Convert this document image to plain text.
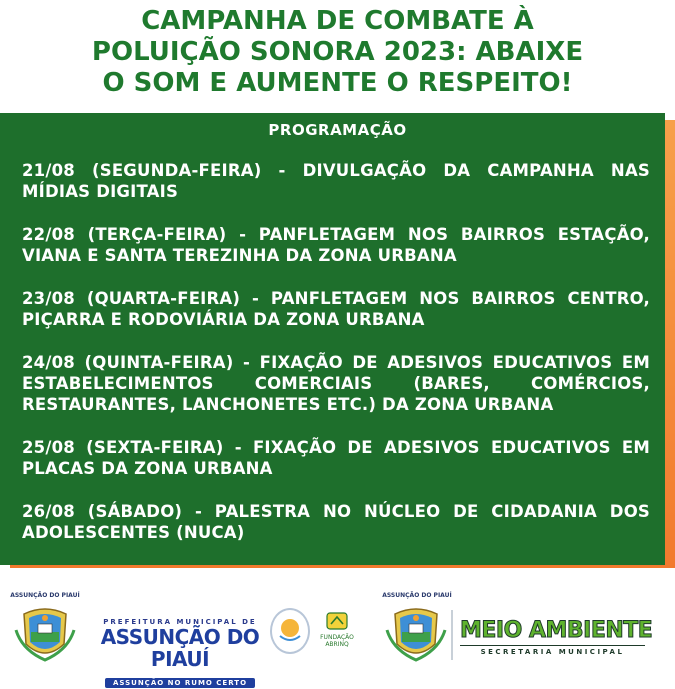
CAMPANHA DE COMBATE À
POLUIÇÃO SONORA 2023: ABAIXE
O SOM E AUMENTE O RESPEITO!
PROGRAMAÇÃO
21/08 (SEGUNDA-FEIRA) - DIVULGAÇÃO DA CAMPANHA NAS MÍDIAS DIGITAIS
22/08 (TERÇA-FEIRA) - PANFLETAGEM NOS BAIRROS ESTAÇÃO, VIANA E SANTA TEREZINHA DA ZONA URBANA
23/08 (QUARTA-FEIRA) - PANFLETAGEM NOS BAIRROS CENTRO, PIÇARRA E RODOVIÁRIA DA ZONA URBANA
24/08 (QUINTA-FEIRA) - FIXAÇÃO DE ADESIVOS EDUCATIVOS EM ESTABELECIMENTOS COMERCIAIS (BARES, COMÉRCIOS, RESTAURANTES, LANCHONETES ETC.) DA ZONA URBANA
25/08 (SEXTA-FEIRA) - FIXAÇÃO DE ADESIVOS EDUCATIVOS EM PLACAS DA ZONA URBANA
26/08 (SÁBADO) - PALESTRA NO NÚCLEO DE CIDADANIA DOS ADOLESCENTES (NUCA)
ASSUNÇÃO DO PIAUÍ
PREFEITURA MUNICIPAL DE
ASSUNÇÃO DO PIAUÍ
ASSUNÇÃO NO RUMO CERTO
FUNDAÇÃO
ABRINQ
ASSUNÇÃO DO PIAUÍ
MEIO AMBIENTE
SECRETARIA MUNICIPAL
